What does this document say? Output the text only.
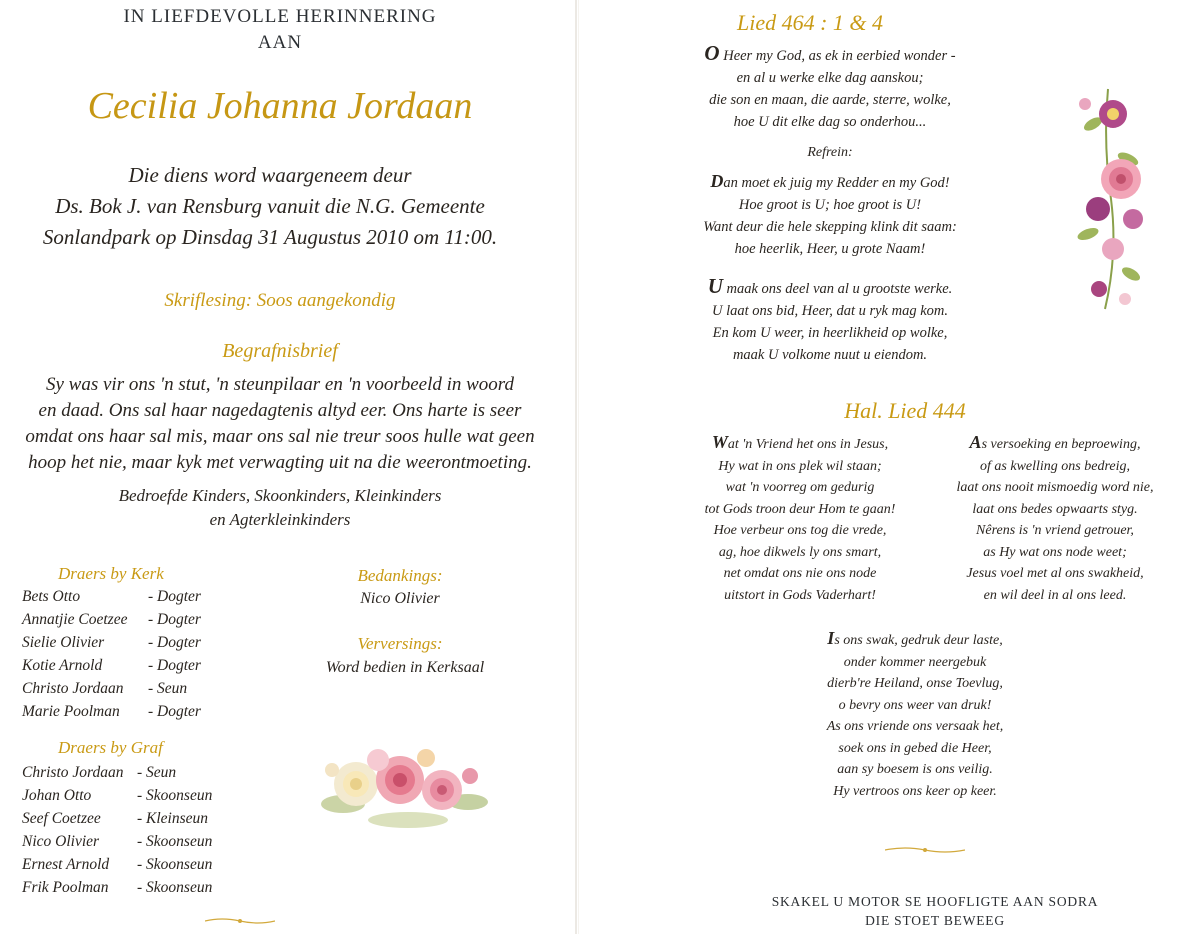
IN LIEFDEVOLLE HERINNERING
AAN
Cecilia Johanna Jordaan
Die diens word waargeneem deur
Ds. Bok J. van Rensburg vanuit die N.G. Gemeente
Sonlandpark op Dinsdag 31 Augustus 2010 om 11:00.
Skriflesing: Soos aangekondig
Begrafnisbrief
Sy was vir ons 'n stut, 'n steunpilaar en 'n voorbeeld in woord
en daad. Ons sal haar nagedagtenis altyd eer. Ons harte is seer
omdat ons haar sal mis, maar ons sal nie treur soos hulle wat geen
hoop het nie, maar kyk met verwagting uit na die weerontmoeting.
Bedroefde Kinders, Skoonkinders, Kleinkinders
en Agterkleinkinders
Draers by Kerk
Bets Otto	- Dogter
Annatjie Coetzee	- Dogter
Sielie Olivier	- Dogter
Kotie Arnold	- Dogter
Christo Jordaan	- Seun
Marie Poolman	- Dogter
Draers by Graf
Christo Jordaan - Seun
Johan Otto	- Skoonseun
Seef Coetzee	- Kleinseun
Nico Olivier	- Skoonseun
Ernest Arnold	- Skoonseun
Frik Poolman	- Skoonseun
Bedankings:
Nico Olivier
Verversings:
Word bedien in Kerksaal
Lied 464 : 1 & 4
O Heer my God, as ek in eerbied wonder -
en al u werke elke dag aanskou;
die son en maan, die aarde, sterre, wolke,
hoe U dit elke dag so onderhou...
Refrein:
Dan moet ek juig my Redder en my God!
Hoe groot is U; hoe groot is U!
Want deur die hele skepping klink dit saam:
hoe heerlik, Heer, u grote Naam!
U maak ons deel van al u grootste werke.
U laat ons bid, Heer, dat u ryk mag kom.
En kom U weer, in heerlikheid op wolke,
maak U volkome nuut u eiendom.
Hal. Lied 444
Wat 'n Vriend het ons in Jesus,
Hy wat in ons plek wil staan;
wat 'n voorreg om gedurig
tot Gods troon deur Hom te gaan!
Hoe verbeur ons tog die vrede,
ag, hoe dikwels ly ons smart,
net omdat ons nie ons node
uitstort in Gods Vaderhart!
As versoeking en beproewing,
of as kwelling ons bedreig,
laat ons nooit mismoedig word nie,
laat ons bedes opwaarts styg.
Nêrens is 'n vriend getrouer,
as Hy wat ons node weet;
Jesus voel met al ons swakheid,
en wil deel in al ons leed.
Is ons swak, gedruk deur laste,
onder kommer neergebuk
dierb're Heiland, onse Toevlug,
o bevry ons weer van druk!
As ons vriende ons versaak het,
soek ons in gebed die Heer,
aan sy boesem is ons veilig.
Hy vertroos ons keer op keer.
SKAKEL U MOTOR SE HOOFLIGTE AAN SODRA
DIE STOET BEWEEG
